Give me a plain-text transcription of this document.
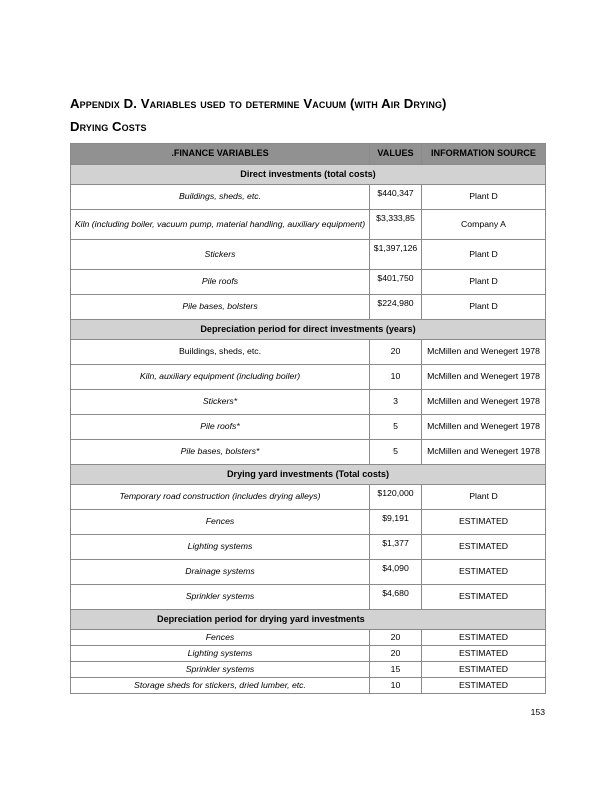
Appendix D. Variables used to determine Vacuum (with Air Drying)
Drying Costs
.FINANCE VARIABLES	VALUES	INFORMATION SOURCE
Direct investments (total costs)		
Buildings, sheds, etc.	$440,347	Plant D
Kiln (including boiler, vacuum pump, material handling, auxiliary equipment)	$3,333,85	Company A
Stickers	$1,397,126	Plant D
Pile roofs	$401,750	Plant D
Pile bases, bolsters	$224,980	Plant D
Depreciation period for direct investments (years)		
Buildings, sheds, etc.	20	McMillen and Wenegert 1978
Kiln, auxiliary equipment (including boiler)	10	McMillen and Wenegert 1978
Stickers*	3	McMillen and Wenegert 1978
Pile roofs*	5	McMillen and Wenegert 1978
Pile bases, bolsters*	5	McMillen and Wenegert 1978
Drying yard investments (Total costs)		
Temporary road construction (includes drying alleys)	$120,000	Plant D
Fences	$9,191	ESTIMATED
Lighting systems	$1,377	ESTIMATED
Drainage systems	$4,090	ESTIMATED
Sprinkler systems	$4,680	ESTIMATED
Depreciation period for drying yard investments		
Fences	20	ESTIMATED
Lighting systems	20	ESTIMATED
Sprinkler systems	15	ESTIMATED
Storage sheds for stickers, dried lumber, etc.	10	ESTIMATED
153
